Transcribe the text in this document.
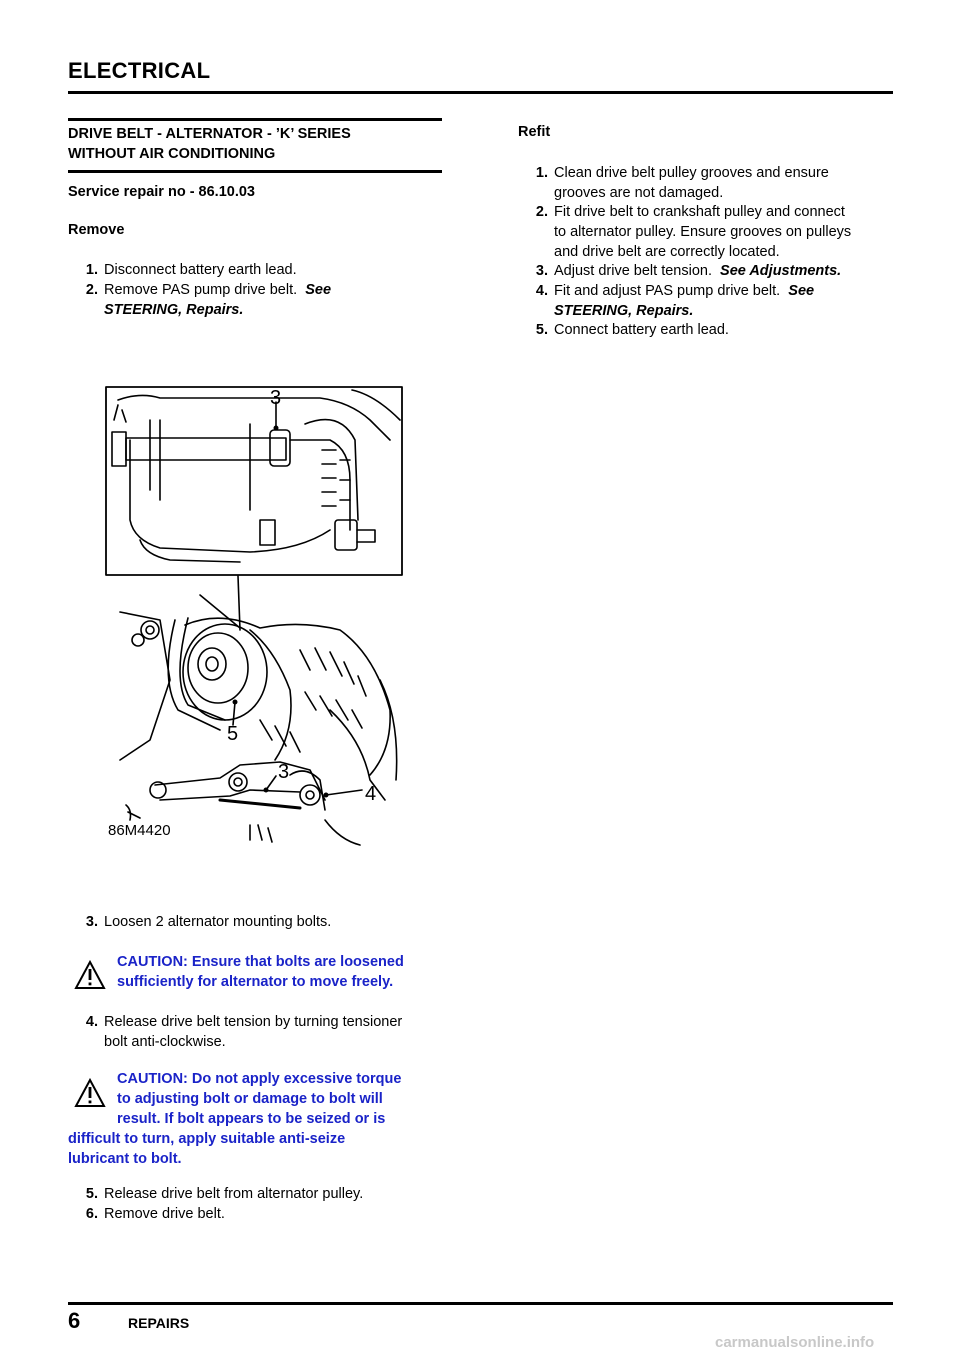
ELECTRICAL
DRIVE BELT - ALTERNATOR - ’K’ SERIES
WITHOUT AIR CONDITIONING
Service repair no - 86.10.03
Remove
1. Disconnect battery earth lead.
2. Remove PAS pump drive belt. See
STEERING, Repairs.
3
5
3
4
86M4420
3. Loosen 2 alternator mounting bolts.
CAUTION: Ensure that bolts are loosened
sufficiently for alternator to move freely.
4. Release drive belt tension by turning tensioner
bolt anti-clockwise.
CAUTION: Do not apply excessive torque
to adjusting bolt or damage to bolt will
result. If bolt appears to be seized or is
difficult to turn, apply suitable anti-seize
lubricant to bolt.
5. Release drive belt from alternator pulley.
6. Remove drive belt.
Refit
1. Clean drive belt pulley grooves and ensure
grooves are not damaged.
2. Fit drive belt to crankshaft pulley and connect
to alternator pulley. Ensure grooves on pulleys
and drive belt are correctly located.
3. Adjust drive belt tension. See Adjustments.
4. Fit and adjust PAS pump drive belt. See
STEERING, Repairs.
5. Connect battery earth lead.
6	REPAIRS
carmanualsonline.info
